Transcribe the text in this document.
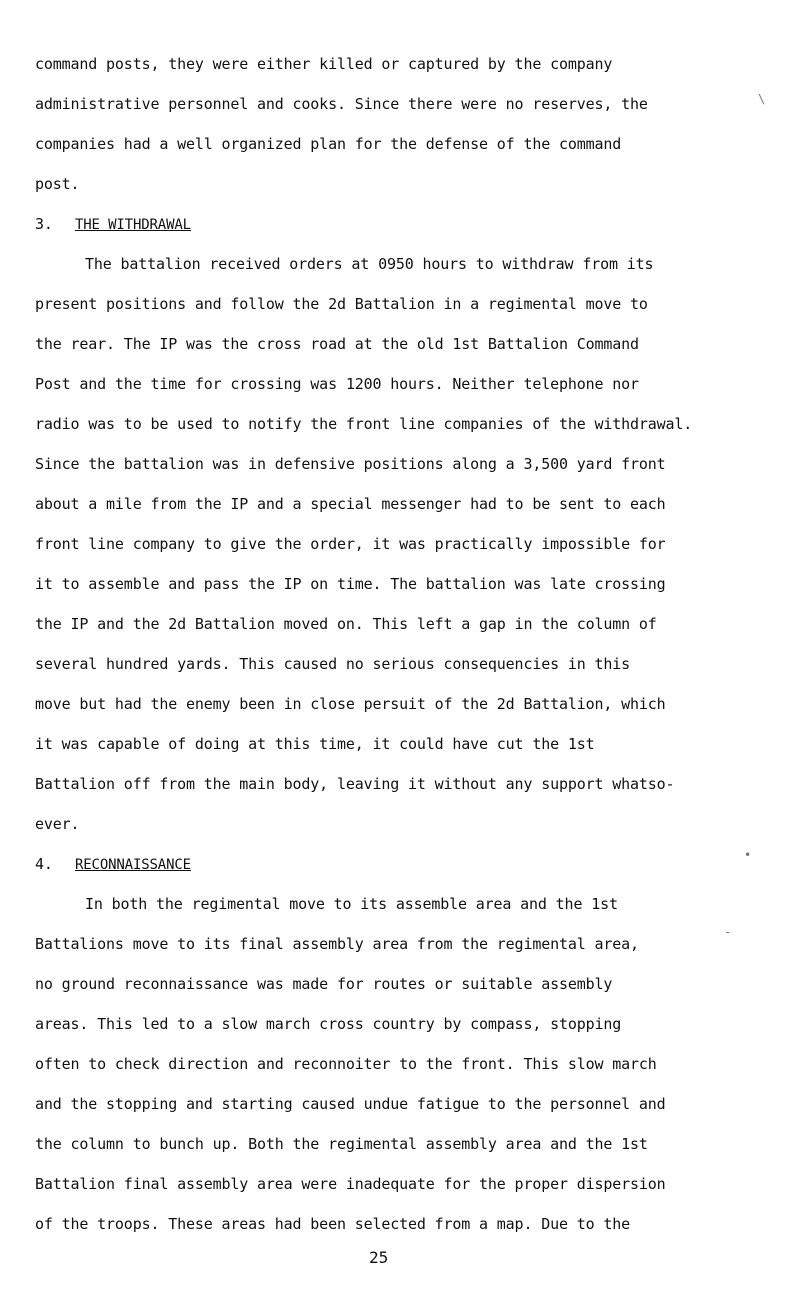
command posts, they were either killed or captured by the company
administrative personnel and cooks. Since there were no reserves, the
companies had a well organized plan for the defense of the command
post.
3. THE WITHDRAWAL
The battalion received orders at 0950 hours to withdraw from its
present positions and follow the 2d Battalion in a regimental move to
the rear. The IP was the cross road at the old 1st Battalion Command
Post and the time for crossing was 1200 hours. Neither telephone nor
radio was to be used to notify the front line companies of the withdrawal.
Since the battalion was in defensive positions along a 3,500 yard front
about a mile from the IP and a special messenger had to be sent to each
front line company to give the order, it was practically impossible for
it to assemble and pass the IP on time. The battalion was late crossing
the IP and the 2d Battalion moved on. This left a gap in the column of
several hundred yards. This caused no serious consequencies in this
move but had the enemy been in close persuit of the 2d Battalion, which
it was capable of doing at this time, it could have cut the 1st
Battalion off from the main body, leaving it without any support whatso-
ever.
4. RECONNAISSANCE
In both the regimental move to its assemble area and the 1st
Battalions move to its final assembly area from the regimental area,
no ground reconnaissance was made for routes or suitable assembly
areas. This led to a slow march cross country by compass, stopping
often to check direction and reconnoiter to the front. This slow march
and the stopping and starting caused undue fatigue to the personnel and
the column to bunch up. Both the regimental assembly area and the 1st
Battalion final assembly area were inadequate for the proper dispersion
of the troops. These areas had been selected from a map. Due to the
25
\
•
-
